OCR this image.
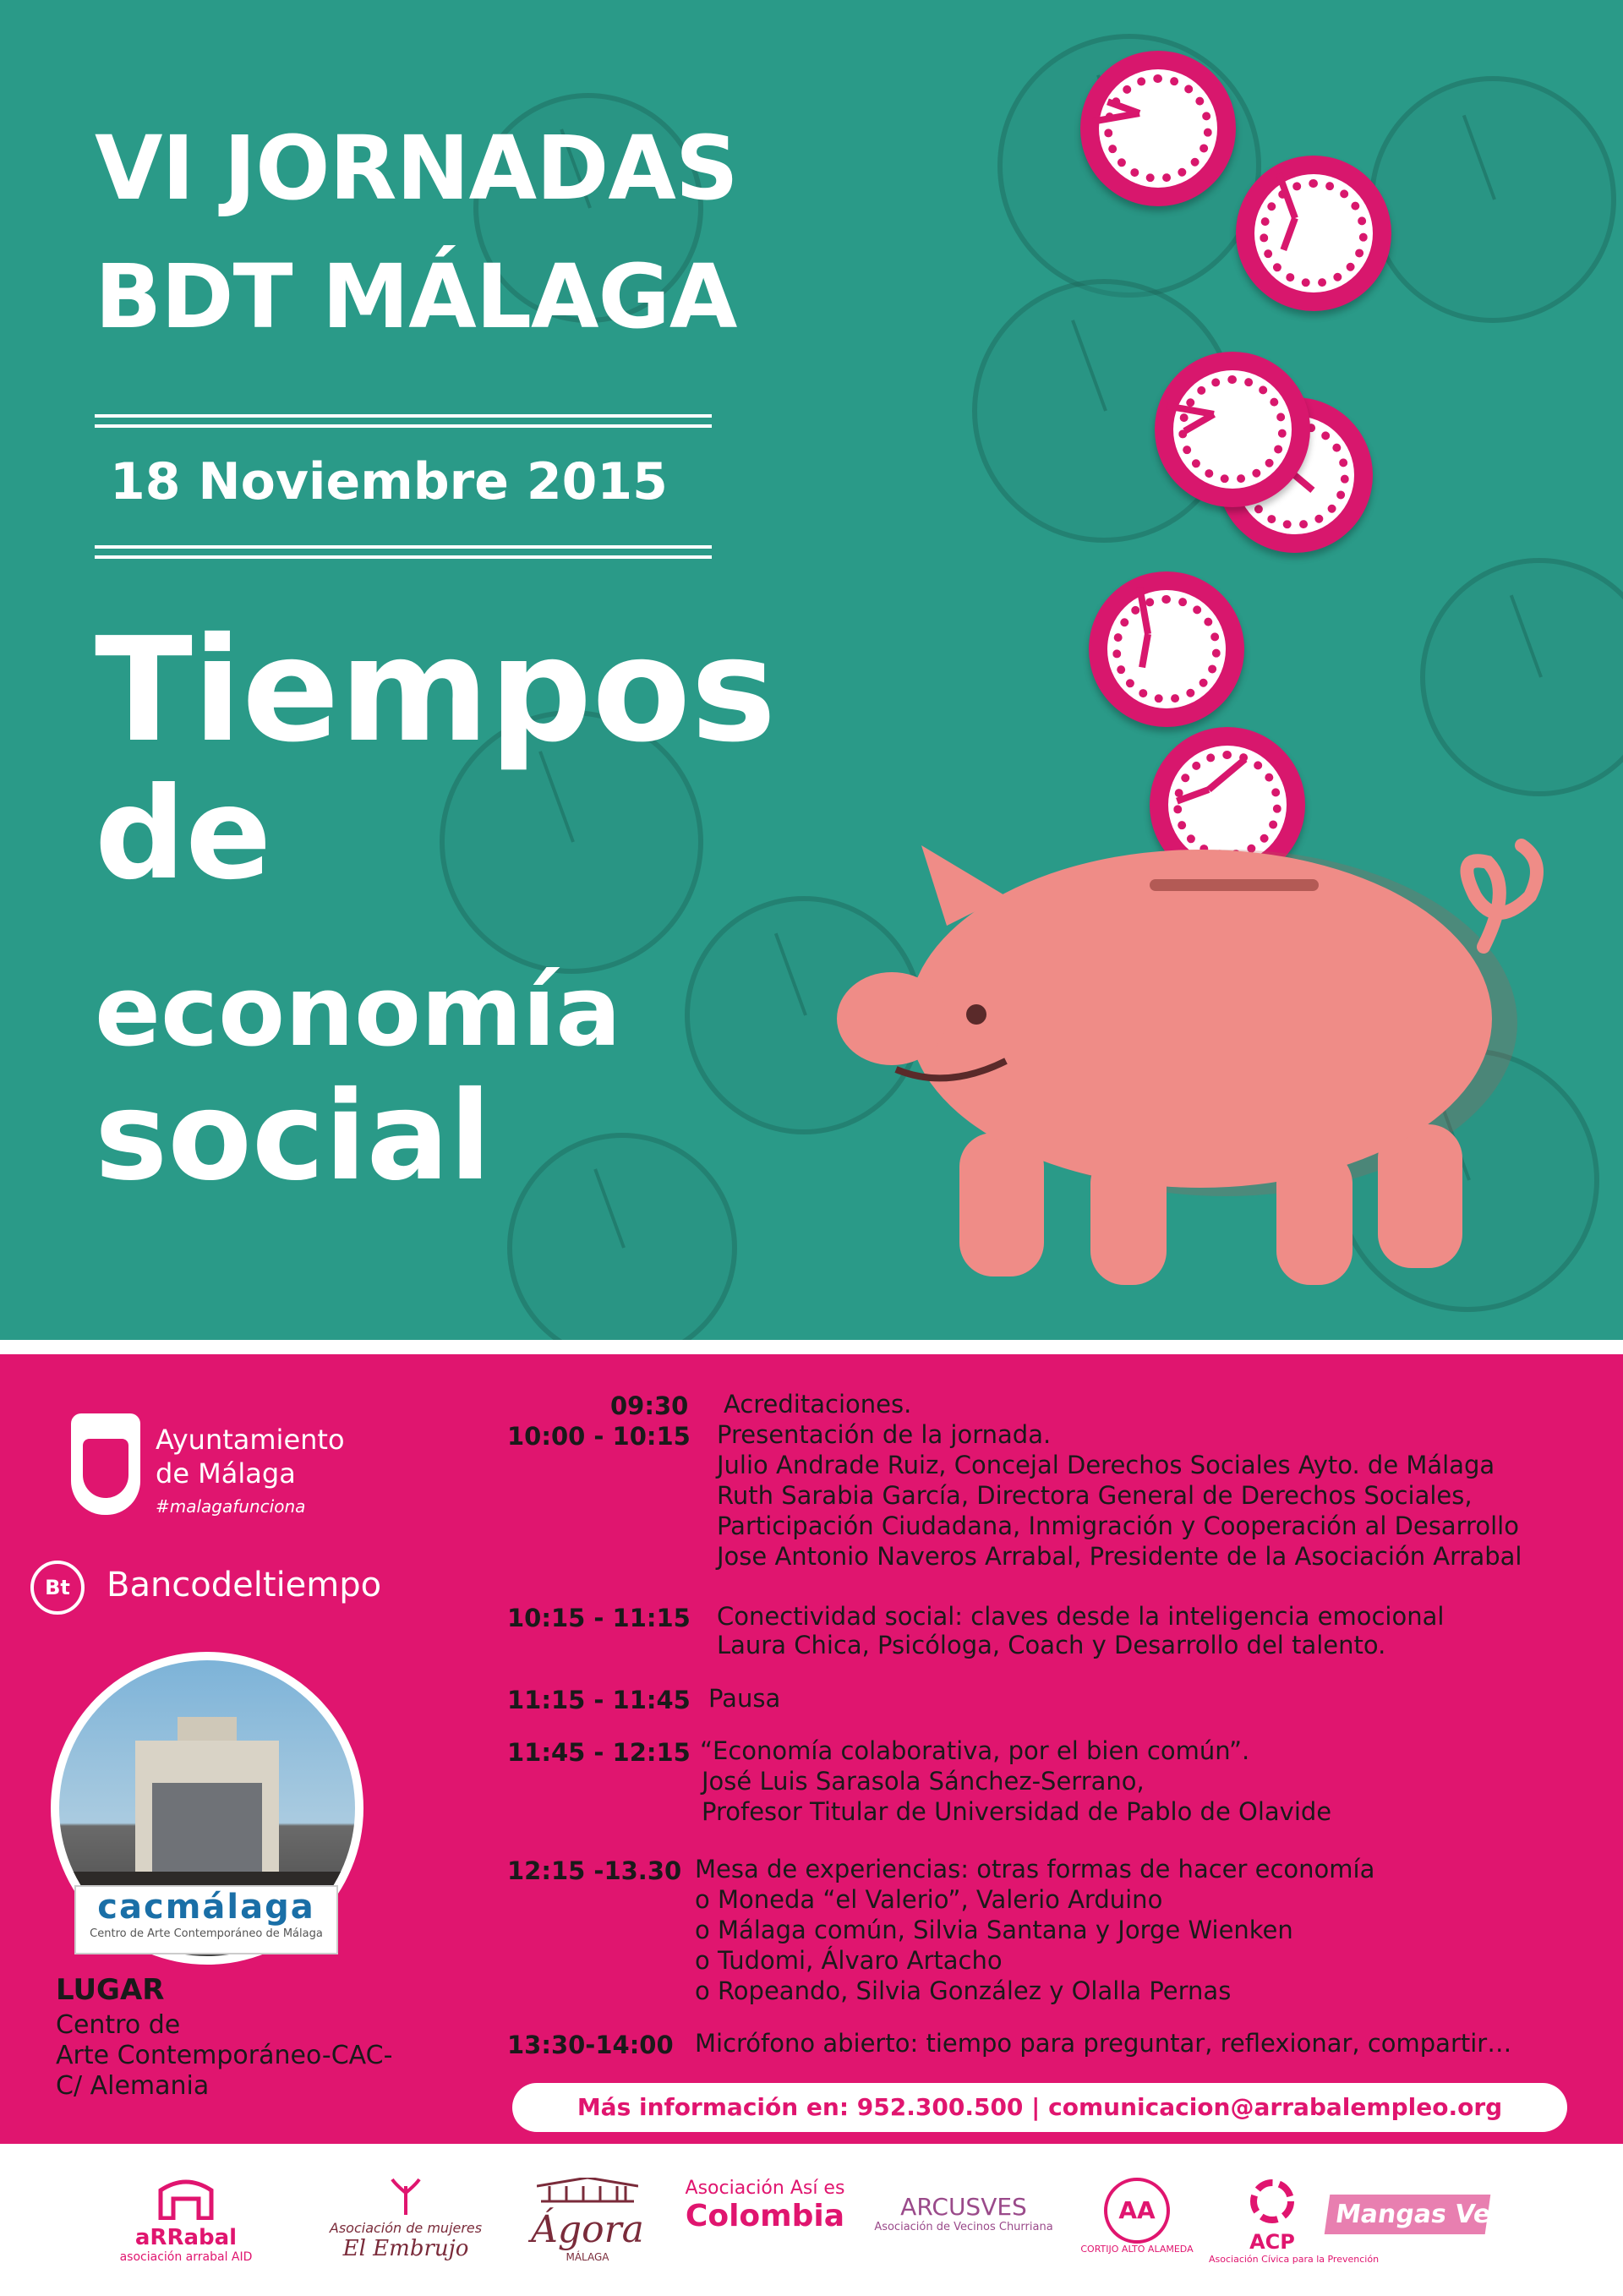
VI JORNADAS
BDT MÁLAGA
18 Noviembre 2015
Tiempos
de
economía
social
Ayuntamiento
de Málaga
#malagafunciona
Bt	Bancodeltiempo
cacmálaga
Centro de Arte Contemporáneo de Málaga
LUGAR
Centro de
Arte Contemporáneo-CAC-
C/ Alemania
09:30 Acreditaciones.
10:00 - 10:15 Presentación de la jornada.
Julio Andrade Ruiz, Concejal Derechos Sociales Ayto. de Málaga
Ruth Sarabia García, Directora General de Derechos Sociales,
Participación Ciudadana, Inmigración y Cooperación al Desarrollo
Jose Antonio Naveros Arrabal, Presidente de la Asociación Arrabal
10:15 - 11:15 Conectividad social: claves desde la inteligencia emocional
Laura Chica, Psicóloga, Coach y Desarrollo del talento.
11:15 - 11:45 Pausa
11:45 - 12:15 “Economía colaborativa, por el bien común”.
José Luis Sarasola Sánchez-Serrano,
Profesor Titular de Universidad de Pablo de Olavide
12:15 -13.30 Mesa de experiencias: otras formas de hacer economía
o Moneda “el Valerio”, Valerio Arduino
o Málaga común, Silvia Santana y Jorge Wienken
o Tudomi, Álvaro Artacho
o Ropeando, Silvia González y Olalla Pernas
13:30-14:00 Micrófono abierto: tiempo para preguntar, reflexionar, compartir…
Más información en: 952.300.500 | comunicacion@arrabalempleo.org
aRRabal
asociación arrabal AID
Asociación de mujeres
El Embrujo	Ágora
MÁLAGA
Asociación Así es
Colombia	ARCUSVES
Asociación de Vecinos Churriana
AA
CORTIJO ALTO ALAMEDA	ACP
Asociación Cívica para la Prevención
Mangas Verdes
